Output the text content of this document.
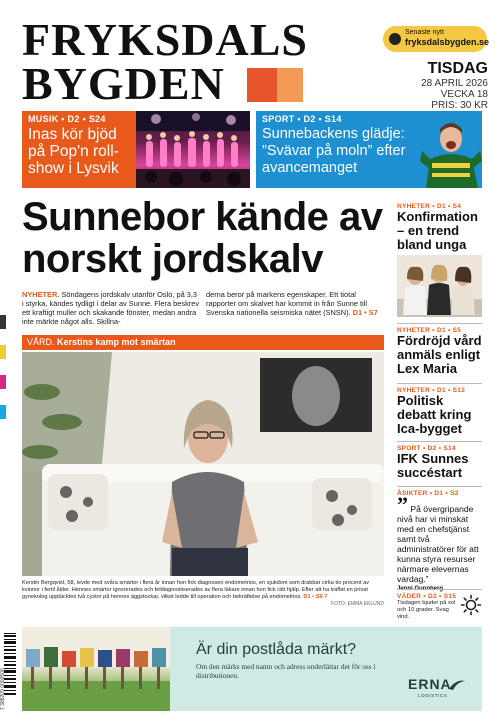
FRYKSDALS
BYGDEN
Senaste nytt
fryksdalsbygden.se
TISDAG
28 APRIL 2026
VECKA 18
PRIS: 30 KR
MUSIK • D2 • S24
Inas kör bjöd på Pop'n roll-show i Lysvik
SPORT • D2 • S14
Sunnebackens glädje: ”Svävar på moln” efter avancemanget
Sunnebor kände av norskt jordskalv
NYHETER. Söndagens jordskalv utanför Oslo, på 3,3 i styrka, kändes tydligt i delar av Sunne. Flera beskrev ett kraftigt muller och skakande fönster, medan andra inte märkte något alls. Skillna-
derna beror på markens egenskaper. Ett tiotal rapporter om skalvet har kommit in från Sunne till Svenska nationella seismiska nätet (SNSN). D1 • S7
VÅRD. Kerstins kamp mot smärtan
Kerstin Bergqvist, 58, levde med svåra smärtor i flera år innan hon fick diagnosen endometrios, en sjukdom som drabbar cirka tio procent av kvinnor i fertil ålder. Hennes smärtor ignorerades och feldiagnostiserades av flera läkare innan hon fick rätt hjälp. Efter att ha träffat en privat gynekolog upptäcktes två cystor på hennes äggstockar, vilket ledde till operation och bekräftelse på endometrios. D1 • S6-7
FOTO: EMMA EKLUND
NYHETER • D1 • S4
Konfirmation – en trend bland unga
NYHETER • D1 • S5
Fördröjd vård anmäls enligt Lex Maria
NYHETER • D1 • S12
Politisk debatt kring Ica-bygget
SPORT • D2 • S14
IFK Sunnes succéstart
ÅSIKTER • D1 • S2
” På övergripande nivå har vi minskat med en chefstjänst samt två administratörer för att kunna styra resurser närmare elevernas vardag.”
VÄDER • D2 • S15
Tisdagen bjuder på sol och 10 grader. Svag vind.
Är din postlåda märkt?
Om den märks med namn och adress underlättar det för oss i distributionen.
ERNA
LOGISTICS
7 388209 0000500
